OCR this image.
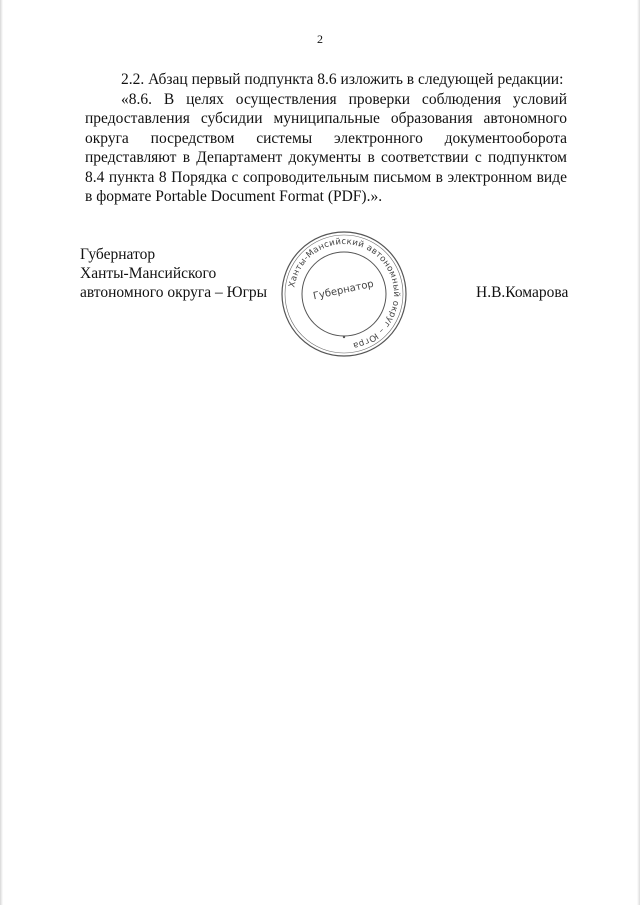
2

2.2. Абзац первый подпункта 8.6 изложить в следующей редакции:

«8.6. В целях осуществления проверки соблюдения условий предоставления субсидии муниципальные образования автономного округа посредством системы электронного документооборота представляют в Департамент документы в соответствии с подпунктом 8.4 пункта 8 Порядка с сопроводительным письмом в электронном виде в формате Portable Document Format (PDF).».

Губернатор
Ханты-Мансийского
автономного округа – Югры Ханты-Мансийский автономный округ – Югра
Губернатор	Н.В.Комарова
